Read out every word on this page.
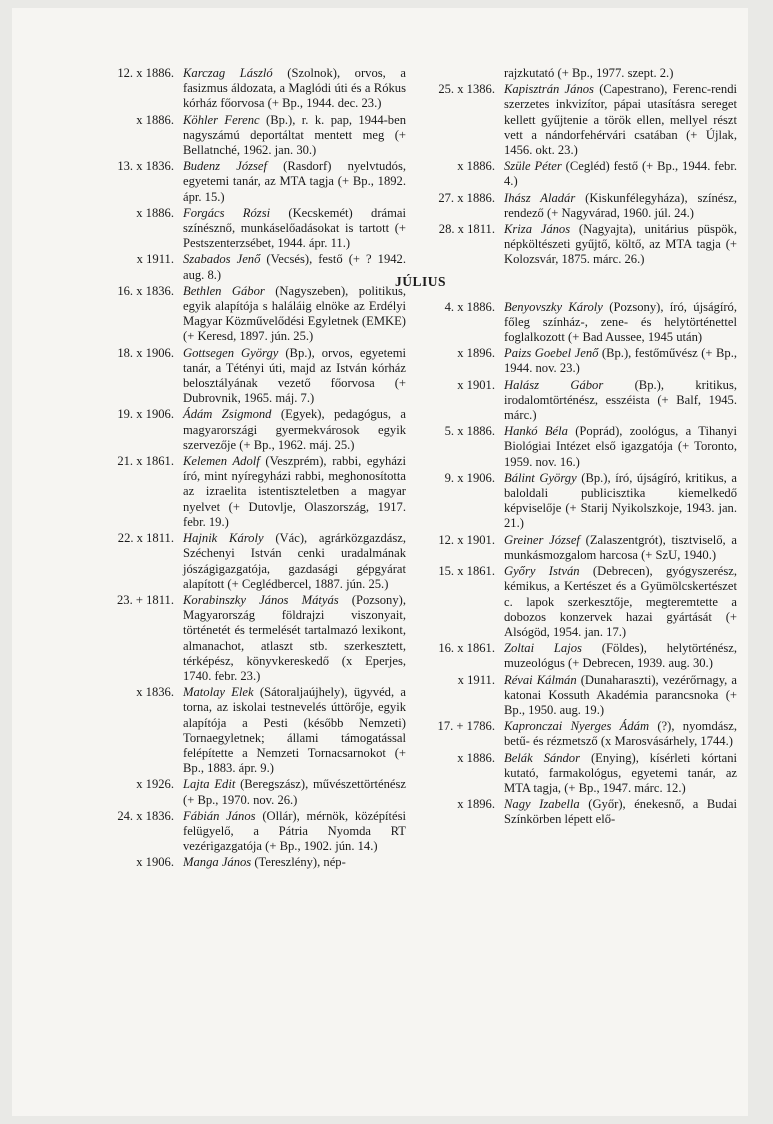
12. x 1886. Karczag László (Szolnok), orvos, a fasizmus áldozata, a Maglódi úti és a Rókus kórház főorvosa (+ Bp., 1944. dec. 23.)
x 1886. Köhler Ferenc (Bp.), r. k. pap, 1944-ben nagyszámú deportáltat mentett meg (+ Bellatnché, 1962. jan. 30.)
13. x 1836. Budenz József (Rasdorf) nyelvtudós, egyetemi tanár, az MTA tagja (+ Bp., 1892. ápr. 15.)
x 1886. Forgács Rózsi (Kecskemét) drámai színésznő, munkáselőadásokat is tartott (+ Pestszenterzsébet, 1944. ápr. 11.)
x 1911. Szabados Jenő (Vecsés), festő (+ ? 1942. aug. 8.)
16. x 1836. Bethlen Gábor (Nagyszeben), politikus, egyik alapítója s haláláig elnöke az Erdélyi Magyar Közművelődési Egyletnek (EMKE) (+ Keresd, 1897. jún. 25.)
18. x 1906. Gottsegen György (Bp.), orvos, egyetemi tanár, a Tétényi úti, majd az István kórház belosztályának vezető főorvosa (+ Dubrovnik, 1965. máj. 7.)
19. x 1906. Ádám Zsigmond (Egyek), pedagógus, a magyarországi gyermekvárosok egyik szervezője (+ Bp., 1962. máj. 25.)
21. x 1861. Kelemen Adolf (Veszprém), rabbi, egyházi író, mint nyíregyházi rabbi, meghonosította az izraelita istentiszteletben a magyar nyelvet (+ Dutovlje, Olaszország, 1917. febr. 19.)
22. x 1811. Hajnik Károly (Vác), agrárközgazdász, Széchenyi István cenki uradalmának jószágigazgatója, gazdasági gépgyárat alapított (+ Ceglédbercel, 1887. jún. 25.)
23. + 1811. Korabinszky János Mátyás (Pozsony), Magyarország földrajzi viszonyait, történetét és termelését tartalmazó lexikont, almanachot, atlaszt stb. szerkesztett, térképész, könyvkereskedő (x Eperjes, 1740. febr. 23.)
x 1836. Matolay Elek (Sátoraljaújhely), ügyvéd, a torna, az iskolai testnevelés úttörője, egyik alapítója a Pesti (később Nemzeti) Tornaegyletnek; állami támogatással felépítette a Nemzeti Tornacsarnokot (+ Bp., 1883. ápr. 9.)
x 1926. Lajta Edit (Beregszász), művészettörténész (+ Bp., 1970. nov. 26.)
24. x 1836. Fábián János (Ollár), mérnök, középítési felügyelő, a Pátria Nyomda RT vezérigazgatója (+ Bp., 1902. jún. 14.)
x 1906. Manga János (Tereszlény), nép-
rajzkutató (+ Bp., 1977. szept. 2.)
25. x 1386. Kapisztrán János (Capestrano), Ferenc-rendi szerzetes inkvizítor, pápai utasításra sereget kellett gyűjtenie a török ellen, mellyel részt vett a nándorfehérvári csatában (+ Újlak, 1456. okt. 23.)
x 1886. Szüle Péter (Cegléd) festő (+ Bp., 1944. febr. 4.)
27. x 1886. Ihász Aladár (Kiskunfélegyháza), színész, rendező (+ Nagyvárad, 1960. júl. 24.)
28. x 1811. Kriza János (Nagyajta), unitárius püspök, népköltészeti gyűjtő, költő, az MTA tagja (+ Kolozsvár, 1875. márc. 26.)
JÚLIUS
4. x 1886. Benyovszky Károly (Pozsony), író, újságíró, főleg színház-, zene- és helytörténettel foglalkozott (+ Bad Aussee, 1945 után)
x 1896. Paizs Goebel Jenő (Bp.), festőművész (+ Bp., 1944. nov. 23.)
x 1901. Halász Gábor (Bp.), kritikus, irodalomtörténész, esszéista (+ Balf, 1945. márc.)
5. x 1886. Hankó Béla (Poprád), zoológus, a Tihanyi Biológiai Intézet első igazgatója (+ Toronto, 1959. nov. 16.)
9. x 1906. Bálint György (Bp.), író, újságíró, kritikus, a baloldali publicisztika kiemelkedő képviselője (+ Starij Nyikolszkoje, 1943. jan. 21.)
12. x 1901. Greiner József (Zalaszentgrót), tisztviselő, a munkásmozgalom harcosa (+ SzU, 1940.)
15. x 1861. Győry István (Debrecen), gyógyszerész, kémikus, a Kertészet és a Gyümölcskertészet c. lapok szerkesztője, megteremtette a dobozos konzervek hazai gyártását (+ Alsógöd, 1954. jan. 17.)
16. x 1861. Zoltai Lajos (Földes), helytörténész, muzeológus (+ Debrecen, 1939. aug. 30.)
x 1911. Révai Kálmán (Dunaharaszti), vezérőrnagy, a katonai Kossuth Akadémia parancsnoka (+ Bp., 1950. aug. 19.)
17. + 1786. Kapronczai Nyerges Ádám (?), nyomdász, betű- és rézmetsző (x Marosvásárhely, 1744.)
x 1886. Belák Sándor (Enying), kísérleti kórtani kutató, farmakológus, egyetemi tanár, az MTA tagja, (+ Bp., 1947. márc. 12.)
x 1896. Nagy Izabella (Győr), énekesnő, a Budai Színkörben lépett elő-
